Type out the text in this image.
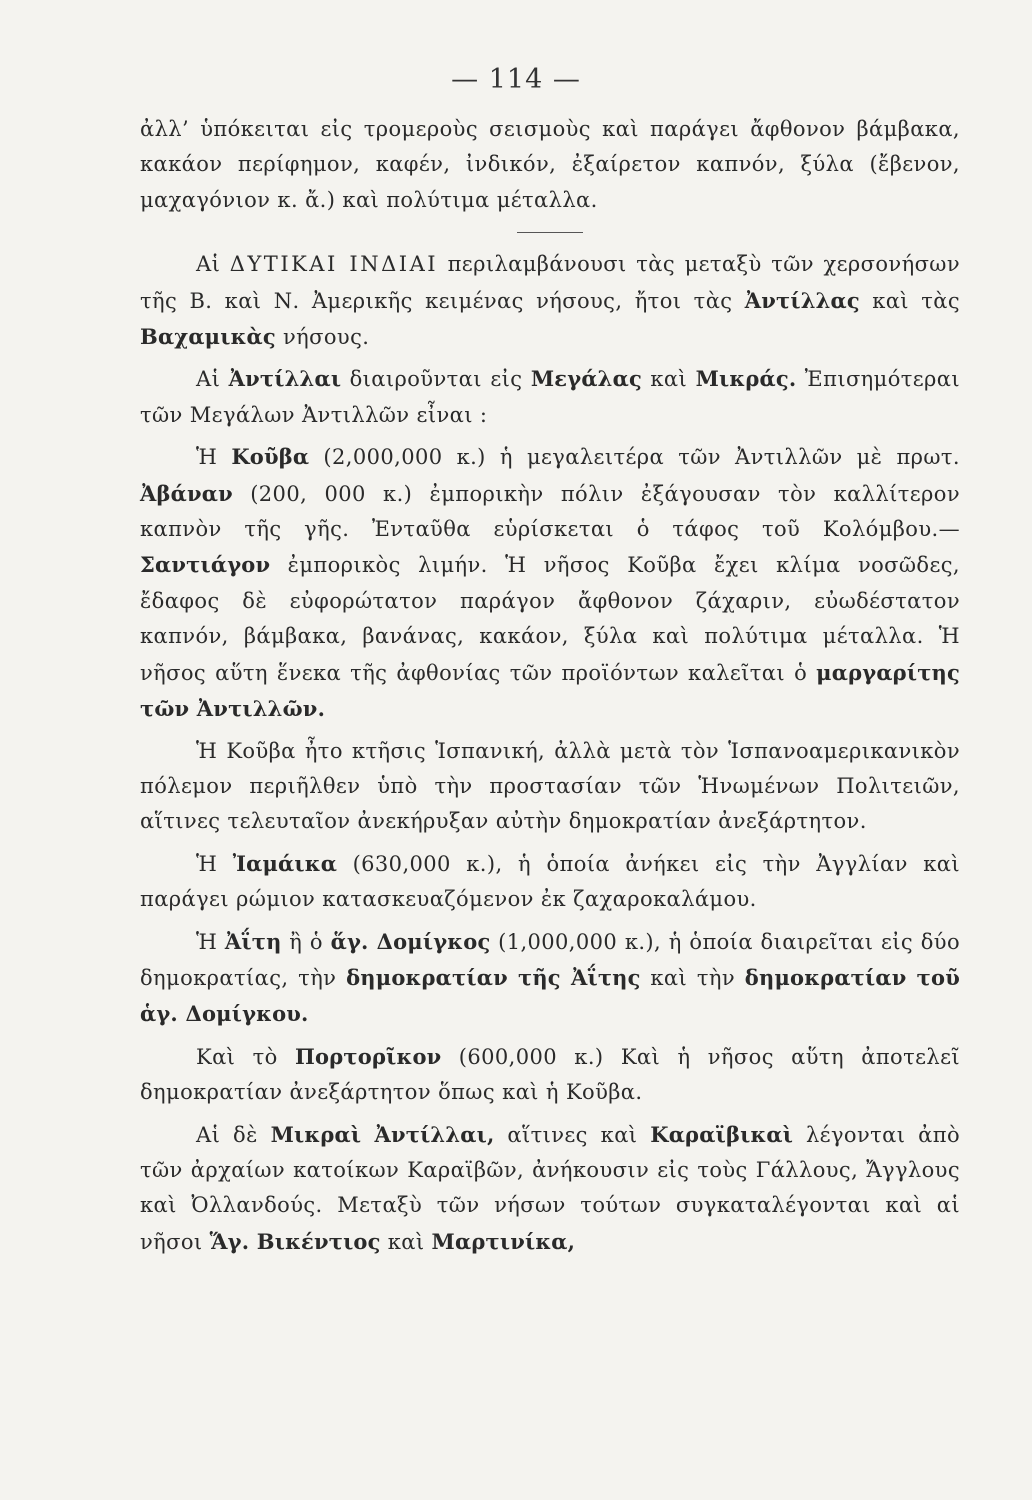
— 114 —

ἀλλ’ ὑπόκειται εἰς τρομεροὺς σεισμοὺς καὶ παράγει ἄφθονον βάμβακα, κακάον περίφημον, καφέν, ἰνδικόν, ἐξαίρετον καπνόν, ξύλα (ἔβενον, μαχαγόνιον κ. ἄ.) καὶ πολύτιμα μέταλλα.

Αἱ ΔΥΤΙΚΑΙ ΙΝΔΙΑΙ περιλαμβάνουσι τὰς μεταξὺ τῶν χερσονήσων τῆς Β. καὶ Ν. Ἀμερικῆς κειμένας νήσους, ἤτοι τὰς Ἀντίλλας καὶ τὰς Βαχαμικὰς νήσους.

Αἱ Ἀντίλλαι διαιροῦνται εἰς Μεγάλας καὶ Μικράς. Ἐπισημότεραι τῶν Μεγάλων Ἀντιλλῶν εἶναι :

Ἡ Κοῦβα (2,000,000 κ.) ἡ μεγαλειτέρα τῶν Ἀντιλλῶν μὲ πρωτ. Ἀβάναν (200, 000 κ.) ἐμπορικὴν πόλιν ἐξάγουσαν τὸν καλλίτερον καπνὸν τῆς γῆς. Ἐνταῦθα εὑρίσκεται ὁ τάφος τοῦ Κολόμβου.— Σαντιάγον ἐμπορικὸς λιμήν. Ἡ νῆσος Κοῦβα ἔχει κλίμα νοσῶδες, ἔδαφος δὲ εὐφορώτατον παράγον ἄφθονον ζάχαριν, εὐωδέστατον καπνόν, βάμβακα, βανάνας, κακάον, ξύλα καὶ πολύτιμα μέταλλα. Ἡ νῆσος αὕτη ἕνεκα τῆς ἀφθονίας τῶν προϊόντων καλεῖται ὁ μαργαρίτης τῶν Ἀντιλλῶν.

Ἡ Κοῦβα ἦτο κτῆσις Ἱσπανική, ἀλλὰ μετὰ τὸν Ἱσπανοαμερικανικὸν πόλεμον περιῆλθεν ὑπὸ τὴν προστασίαν τῶν Ἡνωμένων Πολιτειῶν, αἵτινες τελευταῖον ἀνεκήρυξαν αὐτὴν δημοκρατίαν ἀνεξάρτητον.

Ἡ Ἰαμάικα (630,000 κ.), ἡ ὁποία ἀνήκει εἰς τὴν Ἀγγλίαν καὶ παράγει ρώμιον κατασκευαζόμενον ἐκ ζαχαροκαλάμου.

Ἡ Ἀΐτη ἢ ὁ ἅγ. Δομίγκος (1,000,000 κ.), ἡ ὁποία διαιρεῖται εἰς δύο δημοκρατίας, τὴν δημοκρατίαν τῆς Ἀΐτης καὶ τὴν δημοκρατίαν τοῦ ἁγ. Δομίγκου.

Καὶ τὸ Πορτορῖκον (600,000 κ.) Καὶ ἡ νῆσος αὕτη ἀποτελεῖ δημοκρατίαν ἀνεξάρτητον ὅπως καὶ ἡ Κοῦβα.

Αἱ δὲ Μικραὶ Ἀντίλλαι, αἵτινες καὶ Καραϊβικαὶ λέγονται ἀπὸ τῶν ἀρχαίων κατοίκων Καραϊβῶν, ἀνήκουσιν εἰς τοὺς Γάλλους, Ἄγγλους καὶ Ὀλλανδούς. Μεταξὺ τῶν νήσων τούτων συγκαταλέγονται καὶ αἱ νῆσοι Ἅγ. Βικέντιος καὶ Μαρτινίκα,
